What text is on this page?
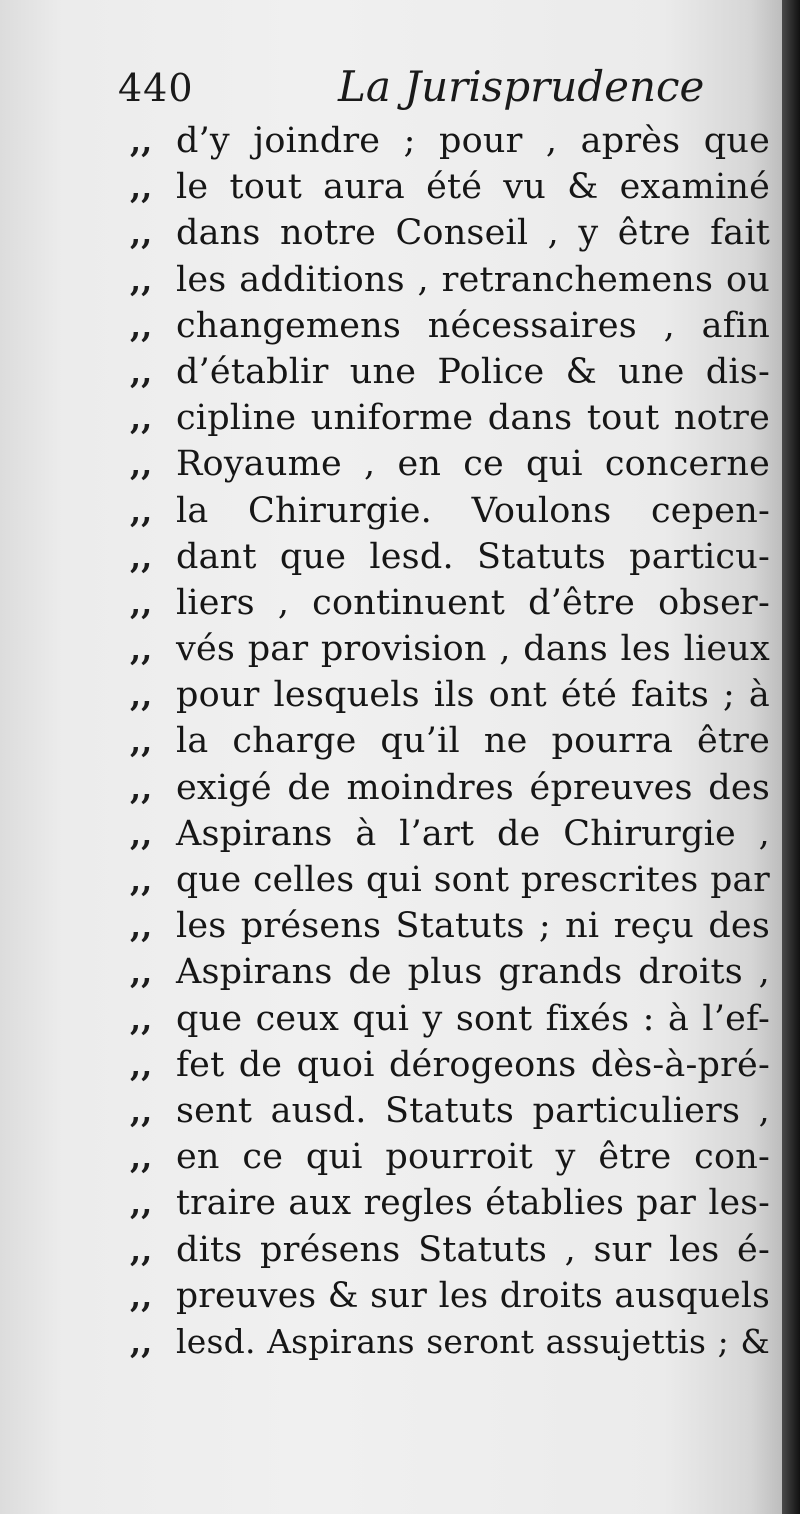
440	La Jurisprudence
,, d’y joindre ; pour , après que
,, le tout aura été vu & examiné
,, dans notre Conseil , y être fait
,, les additions , retranchemens ou
,, changemens nécessaires , afin
,, d’établir une Police & une dis-
,, cipline uniforme dans tout notre
,, Royaume , en ce qui concerne
,, la Chirurgie. Voulons cepen-
,, dant que lesd. Statuts particu-
,, liers , continuent d’être obser-
,, vés par provision , dans les lieux
,, pour lesquels ils ont été faits ; à
,, la charge qu’il ne pourra être
,, exigé de moindres épreuves des
,, Aspirans à l’art de Chirurgie ,
,, que celles qui sont prescrites par
,, les présens Statuts ; ni reçu des
,, Aspirans de plus grands droits ,
,, que ceux qui y sont fixés : à l’ef-
,, fet de quoi dérogeons dès-à-pré-
,, sent ausd. Statuts particuliers ,
,, en ce qui pourroit y être con-
,, traire aux regles établies par les-
,, dits présens Statuts , sur les é-
,, preuves & sur les droits ausquels
,, lesd. Aspirans seront assujettis ; &
